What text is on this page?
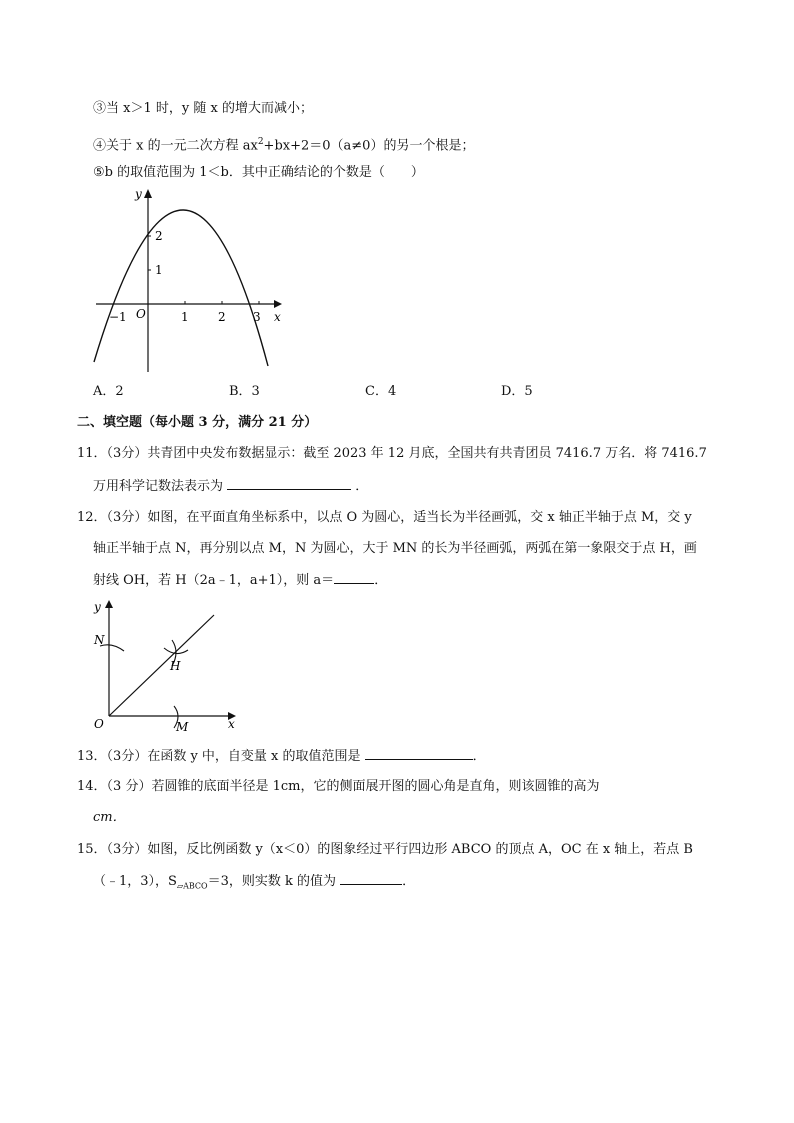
③当 x＞1 时，y 随 x 的增大而减小；
④关于 x 的一元二次方程 $ax^2+bx+2=0(a\ne 0)$的另一个根是；
⑤b 的取值范围为 1＜b．其中正确结论的个数是（　　）
y
x
O
−1	1 2 3
1
2
A．2	B．3	C．4	D．5
二、填空题（每小题 3 分，满分 21 分）
11．（3分）共青团中央发布数据显示：截至 2023 年 12 月底，全国共有共青团员 7416.7 万名．将 7416.7
万用科学记数法表示为	．
12．（3分）如图，在平面直角坐标系中，以点 O 为圆心，适当长为半径画弧，交 x 轴正半轴于点 M，交 y
轴正半轴于点 N，再分别以点 M，N 为圆心，大于 MN 的长为半径画弧，两弧在第一象限交于点 H，画
射线 OH，若 H（2a﹣1，a+1），则 a＝	．
y
x
O
N
M
H
13．（3分）在函数 y 中，自变量 x 的取值范围是	．
14．（3 分）若圆锥的底面半径是 1cm，它的侧面展开图的圆心角是直角，则该圆锥的高为
cm．
15．（3分）如图，反比例函数 y（x＜0）的图象经过平行四边形 ABCO 的顶点 A，OC 在 x 轴上，若点 B
（﹣1，3），$S_{▱ABCO}=3$，则实数 k 的值为	．
